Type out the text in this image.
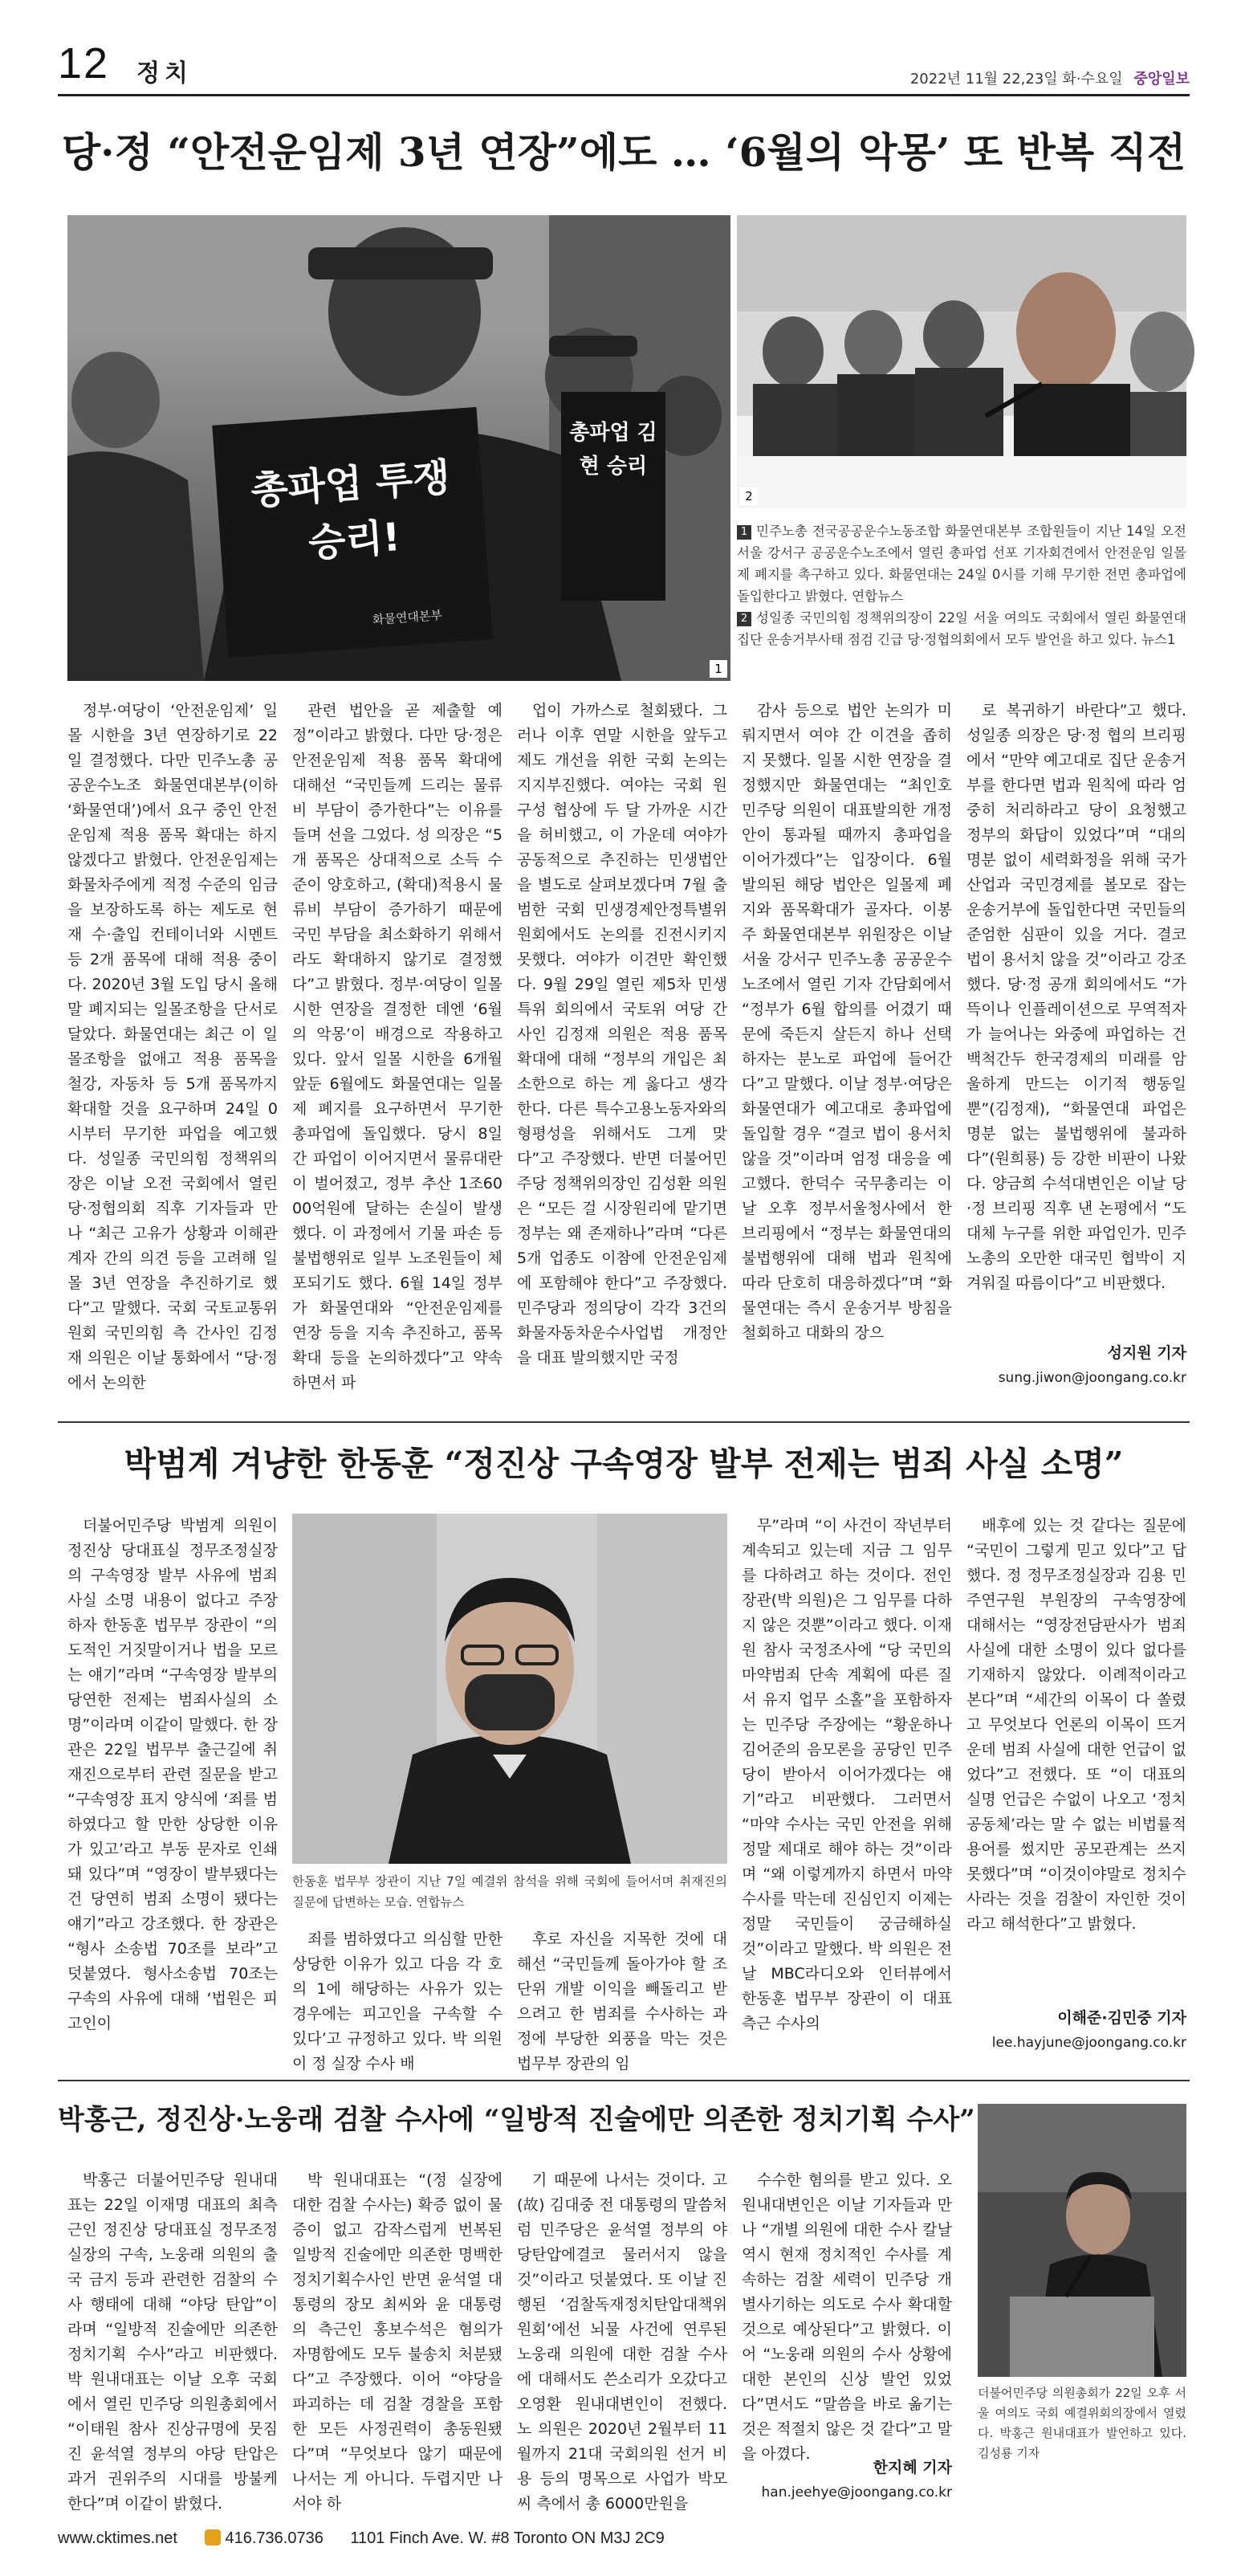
12 정치	2022년 11월 22,23일 화·수요일 중앙일보
당·정 “안전운임제 3년 연장”에도 … ‘6월의 악몽’ 또 반복 직전
총파업 투쟁 승리!
화물연대본부
총파업 김현 승리
1
2

1 민주노총 전국공공운수노동조합 화물연대본부 조합원들이 지난 14일 오전 서울 강서구 공공운수노조에서 열린 총파업 선포 기자회견에서 안전운임 일몰제 폐지를 촉구하고 있다. 화물연대는 24일 0시를 기해 무기한 전면 총파업에 돌입한다고 밝혔다. 연합뉴스

2 성일종 국민의힘 정책위의장이 22일 서울 여의도 국회에서 열린 화물연대 집단 운송거부사태 점검 긴급 당·정협의회에서 모두 발언을 하고 있다. 뉴스1

정부·여당이 ‘안전운임제’ 일몰 시한을 3년 연장하기로 22일 결정했다. 다만 민주노총 공공운수노조 화물연대본부(이하 ‘화물연대’)에서 요구 중인 안전운임제 적용 품목 확대는 하지 않겠다고 밝혔다. 안전운임제는 화물차주에게 적정 수준의 임금을 보장하도록 하는 제도로 현재 수·출입 컨테이너와 시멘트 등 2개 품목에 대해 적용 중이다. 2020년 3월 도입 당시 올해 말 폐지되는 일몰조항을 단서로 달았다. 화물연대는 최근 이 일몰조항을 없애고 적용 품목을 철강, 자동차 등 5개 품목까지 확대할 것을 요구하며 24일 0시부터 무기한 파업을 예고했다. 성일종 국민의힘 정책위의장은 이날 오전 국회에서 열린 당·정협의회 직후 기자들과 만나 “최근 고유가 상황과 이해관계자 간의 의견 등을 고려해 일몰 3년 연장을 추진하기로 했다”고 말했다. 국회 국토교통위원회 국민의힘 측 간사인 김정재 의원은 이날 통화에서 “당·정에서 논의한

관련 법안을 곧 제출할 예정”이라고 밝혔다. 다만 당·정은 안전운임제 적용 품목 확대에 대해선 “국민들께 드리는 물류비 부담이 증가한다”는 이유를 들며 선을 그었다. 성 의장은 “5개 품목은 상대적으로 소득 수준이 양호하고, (확대)적용시 물류비 부담이 증가하기 때문에 국민 부담을 최소화하기 위해서라도 확대하지 않기로 결정했다”고 밝혔다. 정부·여당이 일몰 시한 연장을 결정한 데엔 ‘6월의 악몽’이 배경으로 작용하고 있다. 앞서 일몰 시한을 6개월 앞둔 6월에도 화물연대는 일몰제 폐지를 요구하면서 무기한 총파업에 돌입했다. 당시 8일 간 파업이 이어지면서 물류대란이 벌어졌고, 정부 추산 1조6000억원에 달하는 손실이 발생했다. 이 과정에서 기물 파손 등 불법행위로 일부 노조원들이 체포되기도 했다. 6월 14일 정부가 화물연대와 “안전운임제를 연장 등을 지속 추진하고, 품목확대 등을 논의하겠다”고 약속하면서 파

업이 가까스로 철회됐다. 그러나 이후 연말 시한을 앞두고 제도 개선을 위한 국회 논의는 지지부진했다. 여야는 국회 원 구성 협상에 두 달 가까운 시간을 허비했고, 이 가운데 여야가 공동적으로 추진하는 민생법안을 별도로 살펴보겠다며 7월 출범한 국회 민생경제안정특별위원회에서도 논의를 진전시키지 못했다. 여야가 이견만 확인했다. 9월 29일 열린 제5차 민생특위 회의에서 국토위 여당 간사인 김정재 의원은 적용 품목 확대에 대해 “정부의 개입은 최소한으로 하는 게 옳다고 생각한다. 다른 특수고용노동자와의 형평성을 위해서도 그게 맞다”고 주장했다. 반면 더불어민주당 정책위의장인 김성환 의원은 “모든 걸 시장원리에 맡기면 정부는 왜 존재하나”라며 “다른 5개 업종도 이참에 안전운임제에 포함해야 한다”고 주장했다. 민주당과 정의당이 각각 3건의 화물자동차운수사업법 개정안을 대표 발의했지만 국정

감사 등으로 법안 논의가 미뤄지면서 여야 간 이견을 좁히지 못했다. 일몰 시한 연장을 결정했지만 화물연대는 “최인호 민주당 의원이 대표발의한 개정안이 통과될 때까지 총파업을 이어가겠다”는 입장이다. 6월 발의된 해당 법안은 일몰제 폐지와 품목확대가 골자다. 이봉주 화물연대본부 위원장은 이날 서울 강서구 민주노총 공공운수노조에서 열린 기자 간담회에서 “정부가 6월 합의를 어겼기 때문에 죽든지 살든지 하나 선택하자는 분노로 파업에 들어간다”고 말했다. 이날 정부·여당은 화물연대가 예고대로 총파업에 돌입할 경우 “결코 법이 용서치 않을 것”이라며 엄정 대응을 예고했다. 한덕수 국무총리는 이날 오후 정부서울청사에서 한 브리핑에서 “정부는 화물연대의 불법행위에 대해 법과 원칙에 따라 단호히 대응하겠다”며 “화물연대는 즉시 운송거부 방침을 철회하고 대화의 장으

로 복귀하기 바란다”고 했다. 성일종 의장은 당·정 협의 브리핑에서 “만약 예고대로 집단 운송거부를 한다면 법과 원칙에 따라 엄중히 처리하라고 당이 요청했고 정부의 화답이 있었다”며 “대의명분 없이 세력화정을 위해 국가산업과 국민경제를 볼모로 잡는 운송거부에 돌입한다면 국민들의 준엄한 심판이 있을 거다. 결코 법이 용서치 않을 것”이라고 강조했다. 당·정 공개 회의에서도 “가뜩이나 인플레이션으로 무역적자가 늘어나는 와중에 파업하는 건 백척간두 한국경제의 미래를 암울하게 만드는 이기적 행동일 뿐”(김정재), “화물연대 파업은 명분 없는 불법행위에 불과하다”(원희룡) 등 강한 비판이 나왔다. 양금희 수석대변인은 이날 당·정 브리핑 직후 낸 논평에서 “도대체 누구를 위한 파업인가. 민주노총의 오만한 대국민 협박이 지겨워질 따름이다”고 비판했다.

성지원 기자
sung.jiwon@joongang.co.kr
박범계 겨냥한 한동훈 “정진상 구속영장 발부 전제는 범죄 사실 소명”

더불어민주당 박범계 의원이 정진상 당대표실 정무조정실장의 구속영장 발부 사유에 범죄사실 소명 내용이 없다고 주장하자 한동훈 법무부 장관이 “의도적인 거짓말이거나 법을 모르는 얘기”라며 “구속영장 발부의 당연한 전제는 범죄사실의 소명”이라며 이같이 말했다. 한 장관은 22일 법무부 출근길에 취재진으로부터 관련 질문을 받고 “구속영장 표지 양식에 ‘죄를 범하였다고 할 만한 상당한 이유가 있고’라고 부동 문자로 인쇄돼 있다”며 “영장이 발부됐다는 건 당연히 범죄 소명이 됐다는 얘기”라고 강조했다. 한 장관은 “형사 소송법 70조를 보라”고 덧붙였다. 형사소송법 70조는 구속의 사유에 대해 ‘법원은 피고인이

한동훈 법무부 장관이 지난 7일 예결위 참석을 위해 국회에 들어서며 취재진의 질문에 답변하는 모습. 연합뉴스

죄를 범하였다고 의심할 만한 상당한 이유가 있고 다음 각 호의 1에 해당하는 사유가 있는 경우에는 피고인을 구속할 수 있다’고 규정하고 있다. 박 의원이 정 실장 수사 배

후로 자신을 지목한 것에 대해선 “국민들께 돌아가야 할 조 단위 개발 이익을 빼돌리고 받으려고 한 범죄를 수사하는 과정에 부당한 외풍을 막는 것은 법무부 장관의 임

무”라며 “이 사건이 작년부터 계속되고 있는데 지금 그 임무를 다하려고 하는 것이다. 전인 장관(박 의원)은 그 임무를 다하지 않은 것뿐”이라고 했다. 이재원 참사 국정조사에 “당 국민의 마약범죄 단속 계획에 따른 질서 유지 업무 소홀”을 포함하자는 민주당 주장에는 “황운하나 김어준의 음모론을 공당인 민주당이 받아서 이어가겠다는 얘기”라고 비판했다. 그러면서 “마약 수사는 국민 안전을 위해 정말 제대로 해야 하는 것”이라며 “왜 이렇게까지 하면서 마약 수사를 막는데 진심인지 이제는 정말 국민들이 궁금해하실 것”이라고 말했다. 박 의원은 전날 MBC라디오와 인터뷰에서 한동훈 법무부 장관이 이 대표 측근 수사의

배후에 있는 것 같다는 질문에 “국민이 그렇게 믿고 있다”고 답했다. 정 정무조정실장과 김용 민주연구원 부원장의 구속영장에 대해서는 “영장전담판사가 범죄사실에 대한 소명이 있다 없다를 기재하지 않았다. 이례적이라고 본다”며 “세간의 이목이 다 쏠렸고 무엇보다 언론의 이목이 뜨거운데 범죄 사실에 대한 언급이 없었다”고 전했다. 또 “이 대표의 실명 언급은 수없이 나오고 ‘정치공동체’라는 말 수 없는 비법률적 용어를 썼지만 공모관계는 쓰지 못했다”며 “이것이야말로 정치수사라는 것을 검찰이 자인한 것이라고 해석한다”고 밝혔다.

이해준·김민중 기자
lee.hayjune@joongang.co.kr
박홍근, 정진상·노웅래 검찰 수사에 “일방적 진술에만 의존한 정치기획 수사”

박홍근 더불어민주당 원내대표는 22일 이재명 대표의 최측근인 정진상 당대표실 정무조정실장의 구속, 노웅래 의원의 출국 금지 등과 관련한 검찰의 수사 행태에 대해 “야당 탄압”이라며 “일방적 진술에만 의존한 정치기획 수사”라고 비판했다. 박 원내대표는 이날 오후 국회에서 열린 민주당 의원총회에서 “이태원 참사 진상규명에 뭇짐 진 윤석열 정부의 야당 탄압은 과거 권위주의 시대를 방불케 한다”며 이같이 밝혔다.

박 원내대표는 “(정 실장에 대한 검찰 수사는) 확증 없이 물증이 없고 감작스럽게 번복된 일방적 진술에만 의존한 명백한 정치기획수사인 반면 윤석열 대통령의 장모 최씨와 윤 대통령의 측근인 홍보수석은 혐의가 자명함에도 모두 불송치 처분됐다”고 주장했다. 이어 “야당을 파괴하는 데 검찰 경찰을 포함한 모든 사정권력이 총동원됐다”며 “무엇보다 않기 때문에 나서는 게 아니다. 두렵지만 나서야 하

기 때문에 나서는 것이다. 고(故) 김대중 전 대통령의 말씀처럼 민주당은 윤석열 정부의 야당탄압에결코 물러서지 않을 것”이라고 덧붙였다. 또 이날 진행된 ‘검찰독재정치탄압대책위원회’에선 뇌물 사건에 연루된 노웅래 의원에 대한 검찰 수사에 대해서도 쓴소리가 오갔다고 오영환 원내대변인이 전했다. 노 의원은 2020년 2월부터 11월까지 21대 국회의원 선거 비용 등의 명목으로 사업가 박모씨 측에서 총 6000만원을

수수한 혐의를 받고 있다. 오 원내대변인은 이날 기자들과 만나 “개별 의원에 대한 수사 칼날 역시 현재 정치적인 수사를 계속하는 검찰 세력이 민주당 개별사기하는 의도로 수사 확대할 것으로 예상된다”고 밝혔다. 이어 “노웅래 의원의 수사 상황에 대한 본인의 신상 발언 있었다”면서도 “말씀을 바로 옮기는 것은 적절치 않은 것 같다”고 말을 아꼈다.

한지혜 기자
han.jeehye@joongang.co.kr
더불어민주당 의원총회가 22일 오후 서울 여의도 국회 예결위회의장에서 열렸다. 박홍근 원내대표가 발언하고 있다. 김성룡 기자
www.cktimes.net	416.736.0736 1101 Finch Ave. W. #8 Toronto ON M3J 2C9
